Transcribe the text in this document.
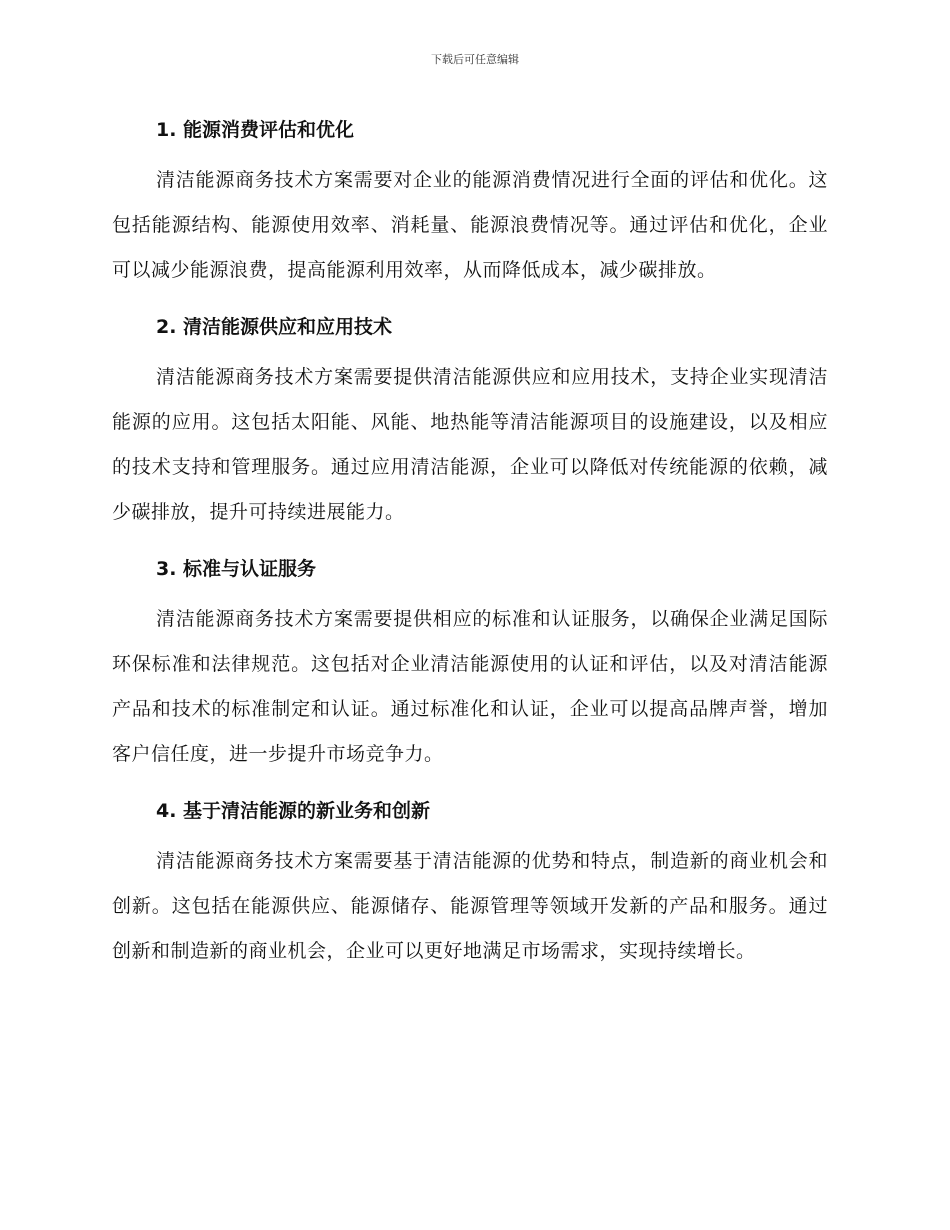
下载后可任意编辑
1. 能源消费评估和优化

清洁能源商务技术方案需要对企业的能源消费情况进行全面的评估和优化。这包括能源结构、能源使用效率、消耗量、能源浪费情况等。通过评估和优化，企业可以减少能源浪费，提高能源利用效率，从而降低成本，减少碳排放。

2. 清洁能源供应和应用技术

清洁能源商务技术方案需要提供清洁能源供应和应用技术，支持企业实现清洁能源的应用。这包括太阳能、风能、地热能等清洁能源项目的设施建设，以及相应的技术支持和管理服务。通过应用清洁能源，企业可以降低对传统能源的依赖，减少碳排放，提升可持续进展能力。

3. 标准与认证服务

清洁能源商务技术方案需要提供相应的标准和认证服务，以确保企业满足国际环保标准和法律规范。这包括对企业清洁能源使用的认证和评估，以及对清洁能源产品和技术的标准制定和认证。通过标准化和认证，企业可以提高品牌声誉，增加客户信任度，进一步提升市场竞争力。

4. 基于清洁能源的新业务和创新

清洁能源商务技术方案需要基于清洁能源的优势和特点，制造新的商业机会和创新。这包括在能源供应、能源储存、能源管理等领域开发新的产品和服务。通过创新和制造新的商业机会，企业可以更好地满足市场需求，实现持续增长。
